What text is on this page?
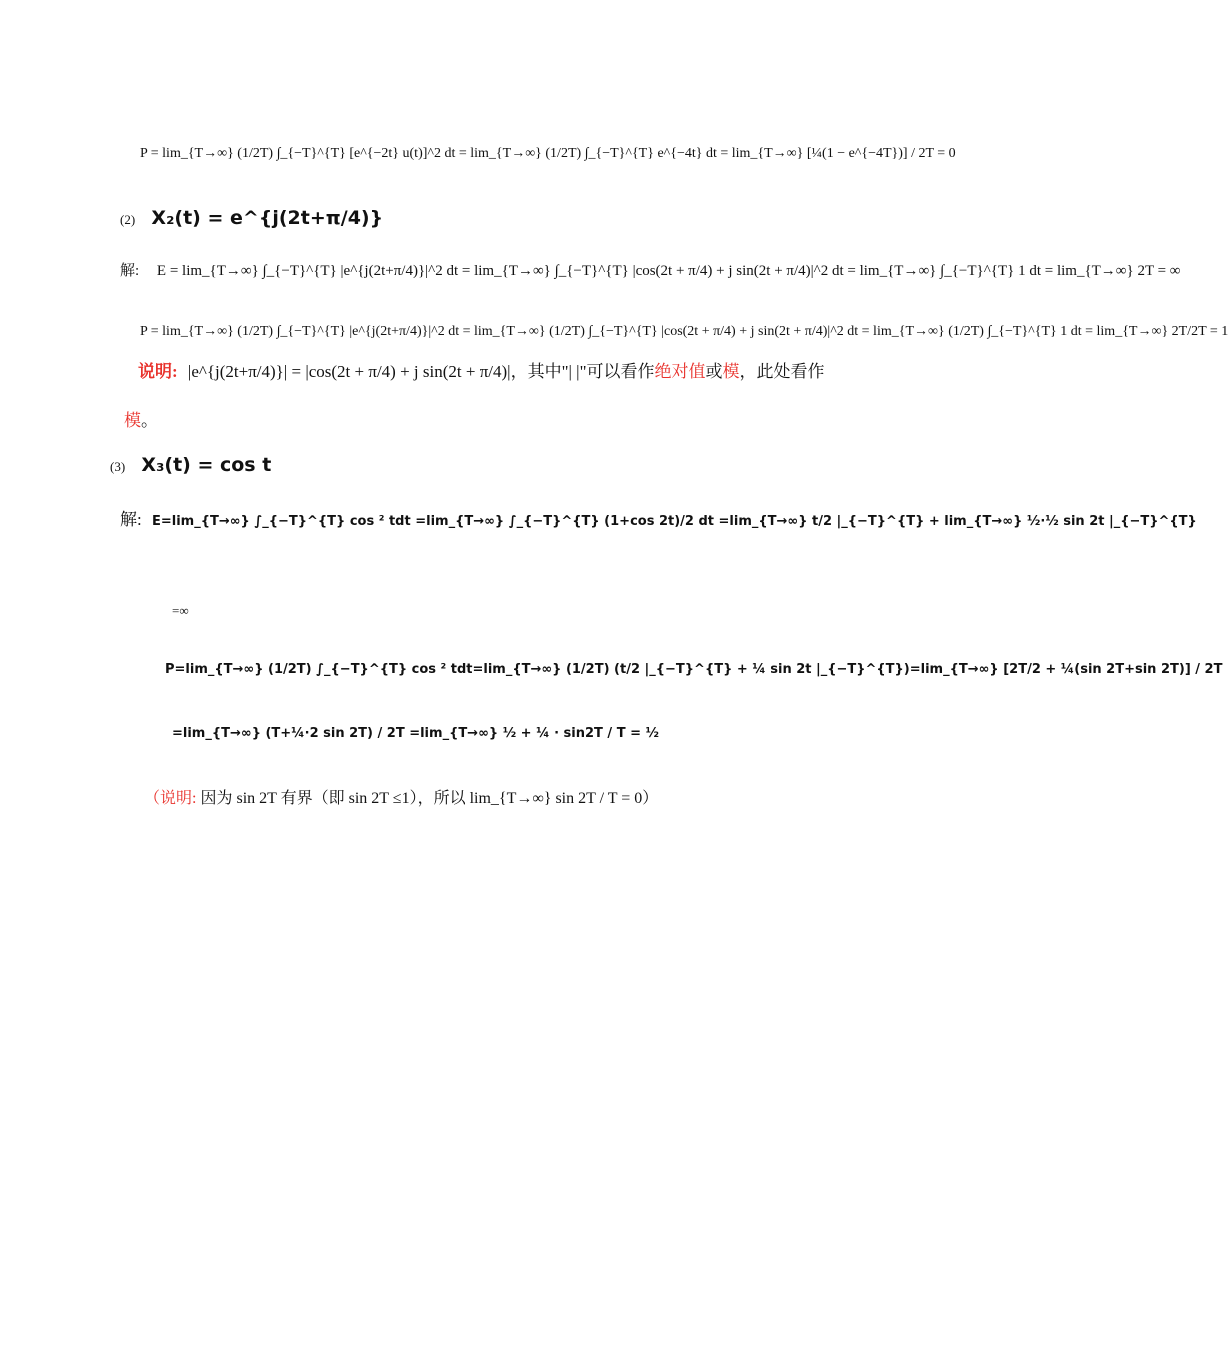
P = lim_{T→∞} (1/2T) ∫_{−T}^{T} [e^{−2t} u(t)]^2 dt = lim_{T→∞} (1/2T) ∫_{−T}^{T} e^{−4t} dt = lim_{T→∞} [¼(1 − e^{−4T})] / 2T = 0
(2) X₂(t) = e^{j(2t+π/4)}
解: E = lim_{T→∞} ∫_{−T}^{T} |e^{j(2t+π/4)}|^2 dt = lim_{T→∞} ∫_{−T}^{T} |cos(2t + π/4) + j sin(2t + π/4)|^2 dt = lim_{T→∞} ∫_{−T}^{T} 1 dt = lim_{T→∞} 2T = ∞
P = lim_{T→∞} (1/2T) ∫_{−T}^{T} |e^{j(2t+π/4)}|^2 dt = lim_{T→∞} (1/2T) ∫_{−T}^{T} |cos(2t + π/4) + j sin(2t + π/4)|^2 dt = lim_{T→∞} (1/2T) ∫_{−T}^{T} 1 dt = lim_{T→∞} 2T/2T = 1
说明: |e^{j(2t+π/4)}| = |cos(2t + π/4) + j sin(2t + π/4)|，其中"| |"可以看作绝对值或模，此处看作
模。
(3) X₃(t) = cos t
解: E=lim_{T→∞} ∫_{−T}^{T} cos ² tdt =lim_{T→∞} ∫_{−T}^{T} (1+cos 2t)/2 dt =lim_{T→∞} t/2 |_{−T}^{T} + lim_{T→∞} ½·½ sin 2t |_{−T}^{T}
=∞
P=lim_{T→∞} (1/2T) ∫_{−T}^{T} cos ² tdt=lim_{T→∞} (1/2T) (t/2 |_{−T}^{T} + ¼ sin 2t |_{−T}^{T})=lim_{T→∞} [2T/2 + ¼(sin 2T+sin 2T)] / 2T
=lim_{T→∞} (T+¼·2 sin 2T) / 2T =lim_{T→∞} ½ + ¼ · sin2T / T = ½
（说明: 因为 sin 2T 有界（即 sin 2T ≤1），所以 lim_{T→∞} sin 2T / T = 0）
